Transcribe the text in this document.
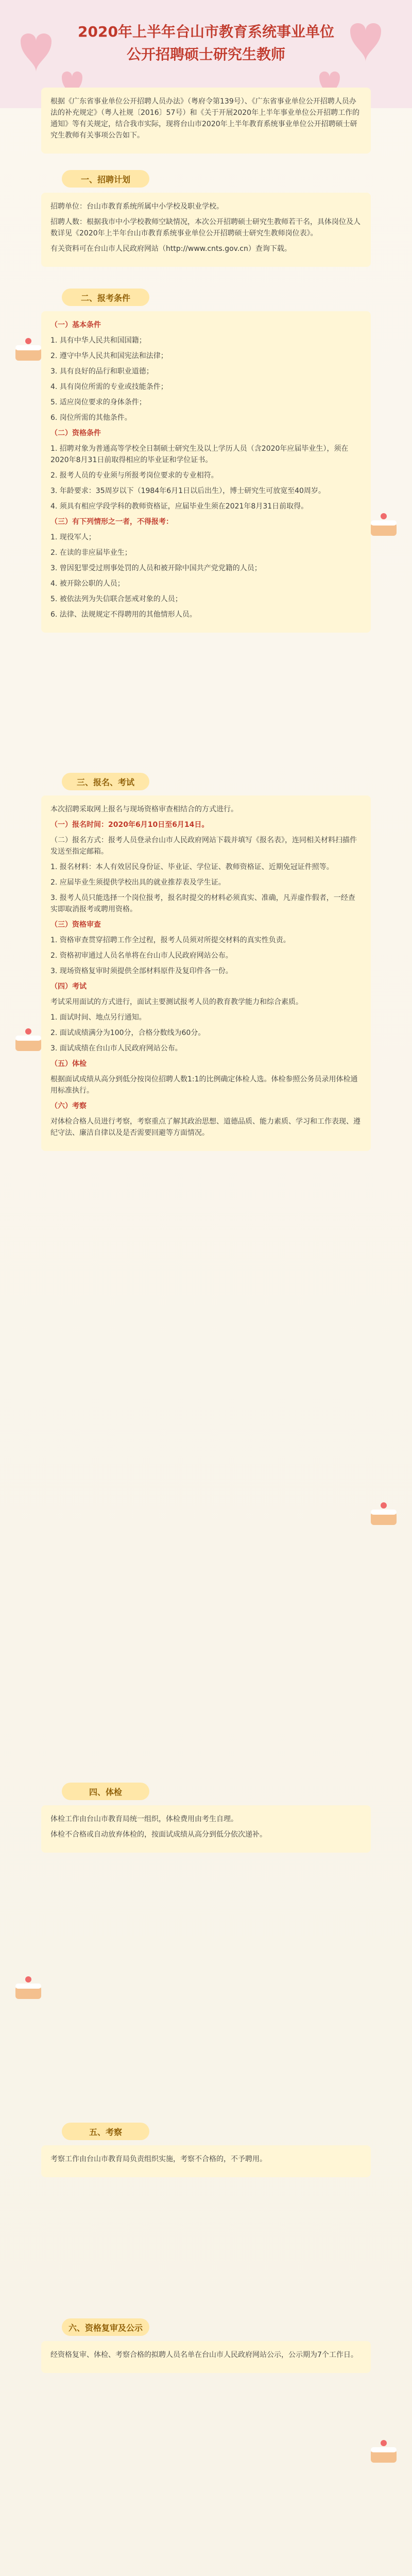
2020年上半年台山市教育系统事业单位
公开招聘硕士研究生教师

根据《广东省事业单位公开招聘人员办法》（粤府令第139号）、《广东省事业单位公开招聘人员办法的补充规定》（粤人社规〔2016〕57号）和《关于开展2020年上半年事业单位公开招聘工作的通知》等有关规定，结合我市实际，现将台山市2020年上半年教育系统事业单位公开招聘硕士研究生教师有关事项公告如下。

一、招聘计划

招聘单位：台山市教育系统所属中小学校及职业学校。

招聘人数：根据我市中小学校教师空缺情况，本次公开招聘硕士研究生教师若干名，具体岗位及人数详见《2020年上半年台山市教育系统事业单位公开招聘硕士研究生教师岗位表》。

有关资料可在台山市人民政府网站（http://www.cnts.gov.cn）查询下载。

二、报考条件

（一）基本条件

1. 具有中华人民共和国国籍；

2. 遵守中华人民共和国宪法和法律；

3. 具有良好的品行和职业道德；

4. 具有岗位所需的专业或技能条件；

5. 适应岗位要求的身体条件；

6. 岗位所需的其他条件。

（二）资格条件

1. 招聘对象为普通高等学校全日制硕士研究生及以上学历人员（含2020年应届毕业生），须在2020年8月31日前取得相应的毕业证和学位证书。

2. 报考人员的专业须与所报考岗位要求的专业相符。

3. 年龄要求：35周岁以下（1984年6月1日以后出生），博士研究生可放宽至40周岁。

4. 须具有相应学段学科的教师资格证，应届毕业生须在2021年8月31日前取得。

（三）有下列情形之一者，不得报考：

1. 现役军人；

2. 在读的非应届毕业生；

3. 曾因犯罪受过刑事处罚的人员和被开除中国共产党党籍的人员；

4. 被开除公职的人员；

5. 被依法列为失信联合惩戒对象的人员；

6. 法律、法规规定不得聘用的其他情形人员。

三、报名、考试

本次招聘采取网上报名与现场资格审查相结合的方式进行。

（一）报名时间：2020年6月10日至6月14日。

（二）报名方式：报考人员登录台山市人民政府网站下载并填写《报名表》，连同相关材料扫描件发送至指定邮箱。

1. 报名材料：本人有效居民身份证、毕业证、学位证、教师资格证、近期免冠证件照等。

2. 应届毕业生须提供学校出具的就业推荐表及学生证。

3. 报考人员只能选择一个岗位报考，报名时提交的材料必须真实、准确，凡弄虚作假者，一经查实即取消报考或聘用资格。

（三）资格审查

1. 资格审查贯穿招聘工作全过程，报考人员须对所提交材料的真实性负责。

2. 资格初审通过人员名单将在台山市人民政府网站公布。

3. 现场资格复审时须提供全部材料原件及复印件各一份。

（四）考试

考试采用面试的方式进行，面试主要测试报考人员的教育教学能力和综合素质。

1. 面试时间、地点另行通知。

2. 面试成绩满分为100分，合格分数线为60分。

3. 面试成绩在台山市人民政府网站公布。

（五）体检

根据面试成绩从高分到低分按岗位招聘人数1:1的比例确定体检人选。体检参照公务员录用体检通用标准执行。

（六）考察

对体检合格人员进行考察，考察重点了解其政治思想、道德品质、能力素质、学习和工作表现、遵纪守法、廉洁自律以及是否需要回避等方面情况。

四、体检

体检工作由台山市教育局统一组织，体检费用由考生自理。

体检不合格或自动放弃体检的，按面试成绩从高分到低分依次递补。

五、考察

考察工作由台山市教育局负责组织实施，考察不合格的，不予聘用。

六、资格复审及公示

经资格复审、体检、考察合格的拟聘人员名单在台山市人民政府网站公示，公示期为7个工作日。
